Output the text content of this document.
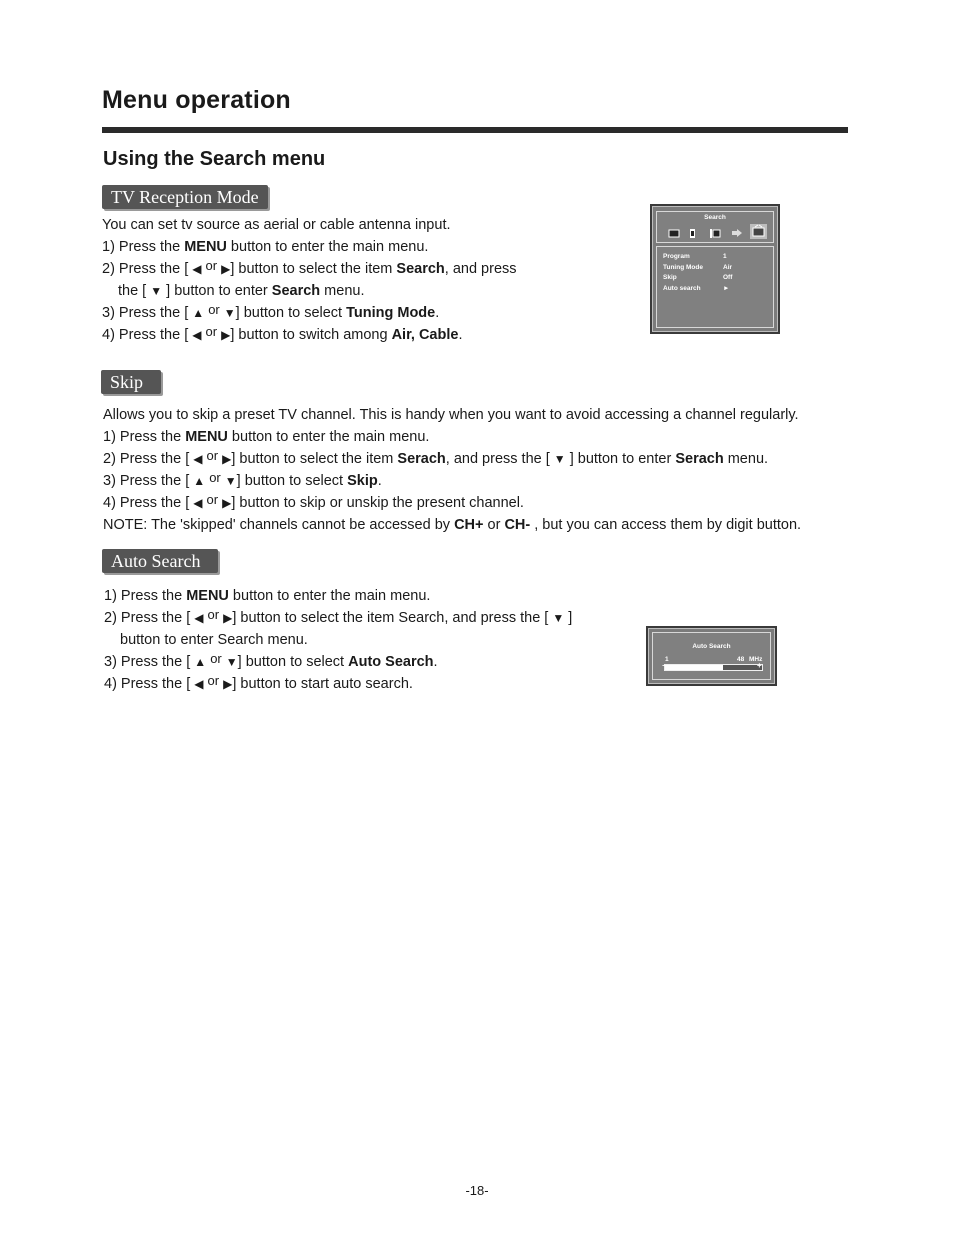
Menu operation
Using the Search menu
TV Reception Mode
You can set tv source as aerial or cable antenna input.
1) Press the MENU button to enter the main menu.
2) Press the [ ◀ or ▶] button to select the item Search, and press
the [ ▼ ] button to enter Search menu.
3) Press the [ ▲ or ▼] button to select Tuning Mode.
4) Press the [ ◀ or ▶] button to switch among Air, Cable.
Search
Program	1
Tuning Mode	Air
Skip	Off
Auto search	►
Skip
Allows you to skip a preset TV channel. This is handy when you want to avoid accessing a channel regularly.
1) Press the MENU button to enter the main menu.
2) Press the [ ◀ or ▶] button to select the item Serach, and press the [ ▼ ] button to enter Serach menu.
3) Press the [ ▲ or ▼] button to select Skip.
4) Press the [ ◀ or ▶] button to skip or unskip the present channel.
NOTE: The 'skipped' channels cannot be accessed by CH+ or CH- , but you can access them by digit button.
Auto Search
1) Press the MENU button to enter the main menu.
2) Press the [ ◀ or ▶] button to select the item Search, and press the [ ▼ ]
button to enter Search menu.
3) Press the [ ▲ or ▼] button to select Auto Search.
4) Press the [ ◀ or ▶] button to start auto search.
Auto Search
1	48 MHz
−	+
-18-
